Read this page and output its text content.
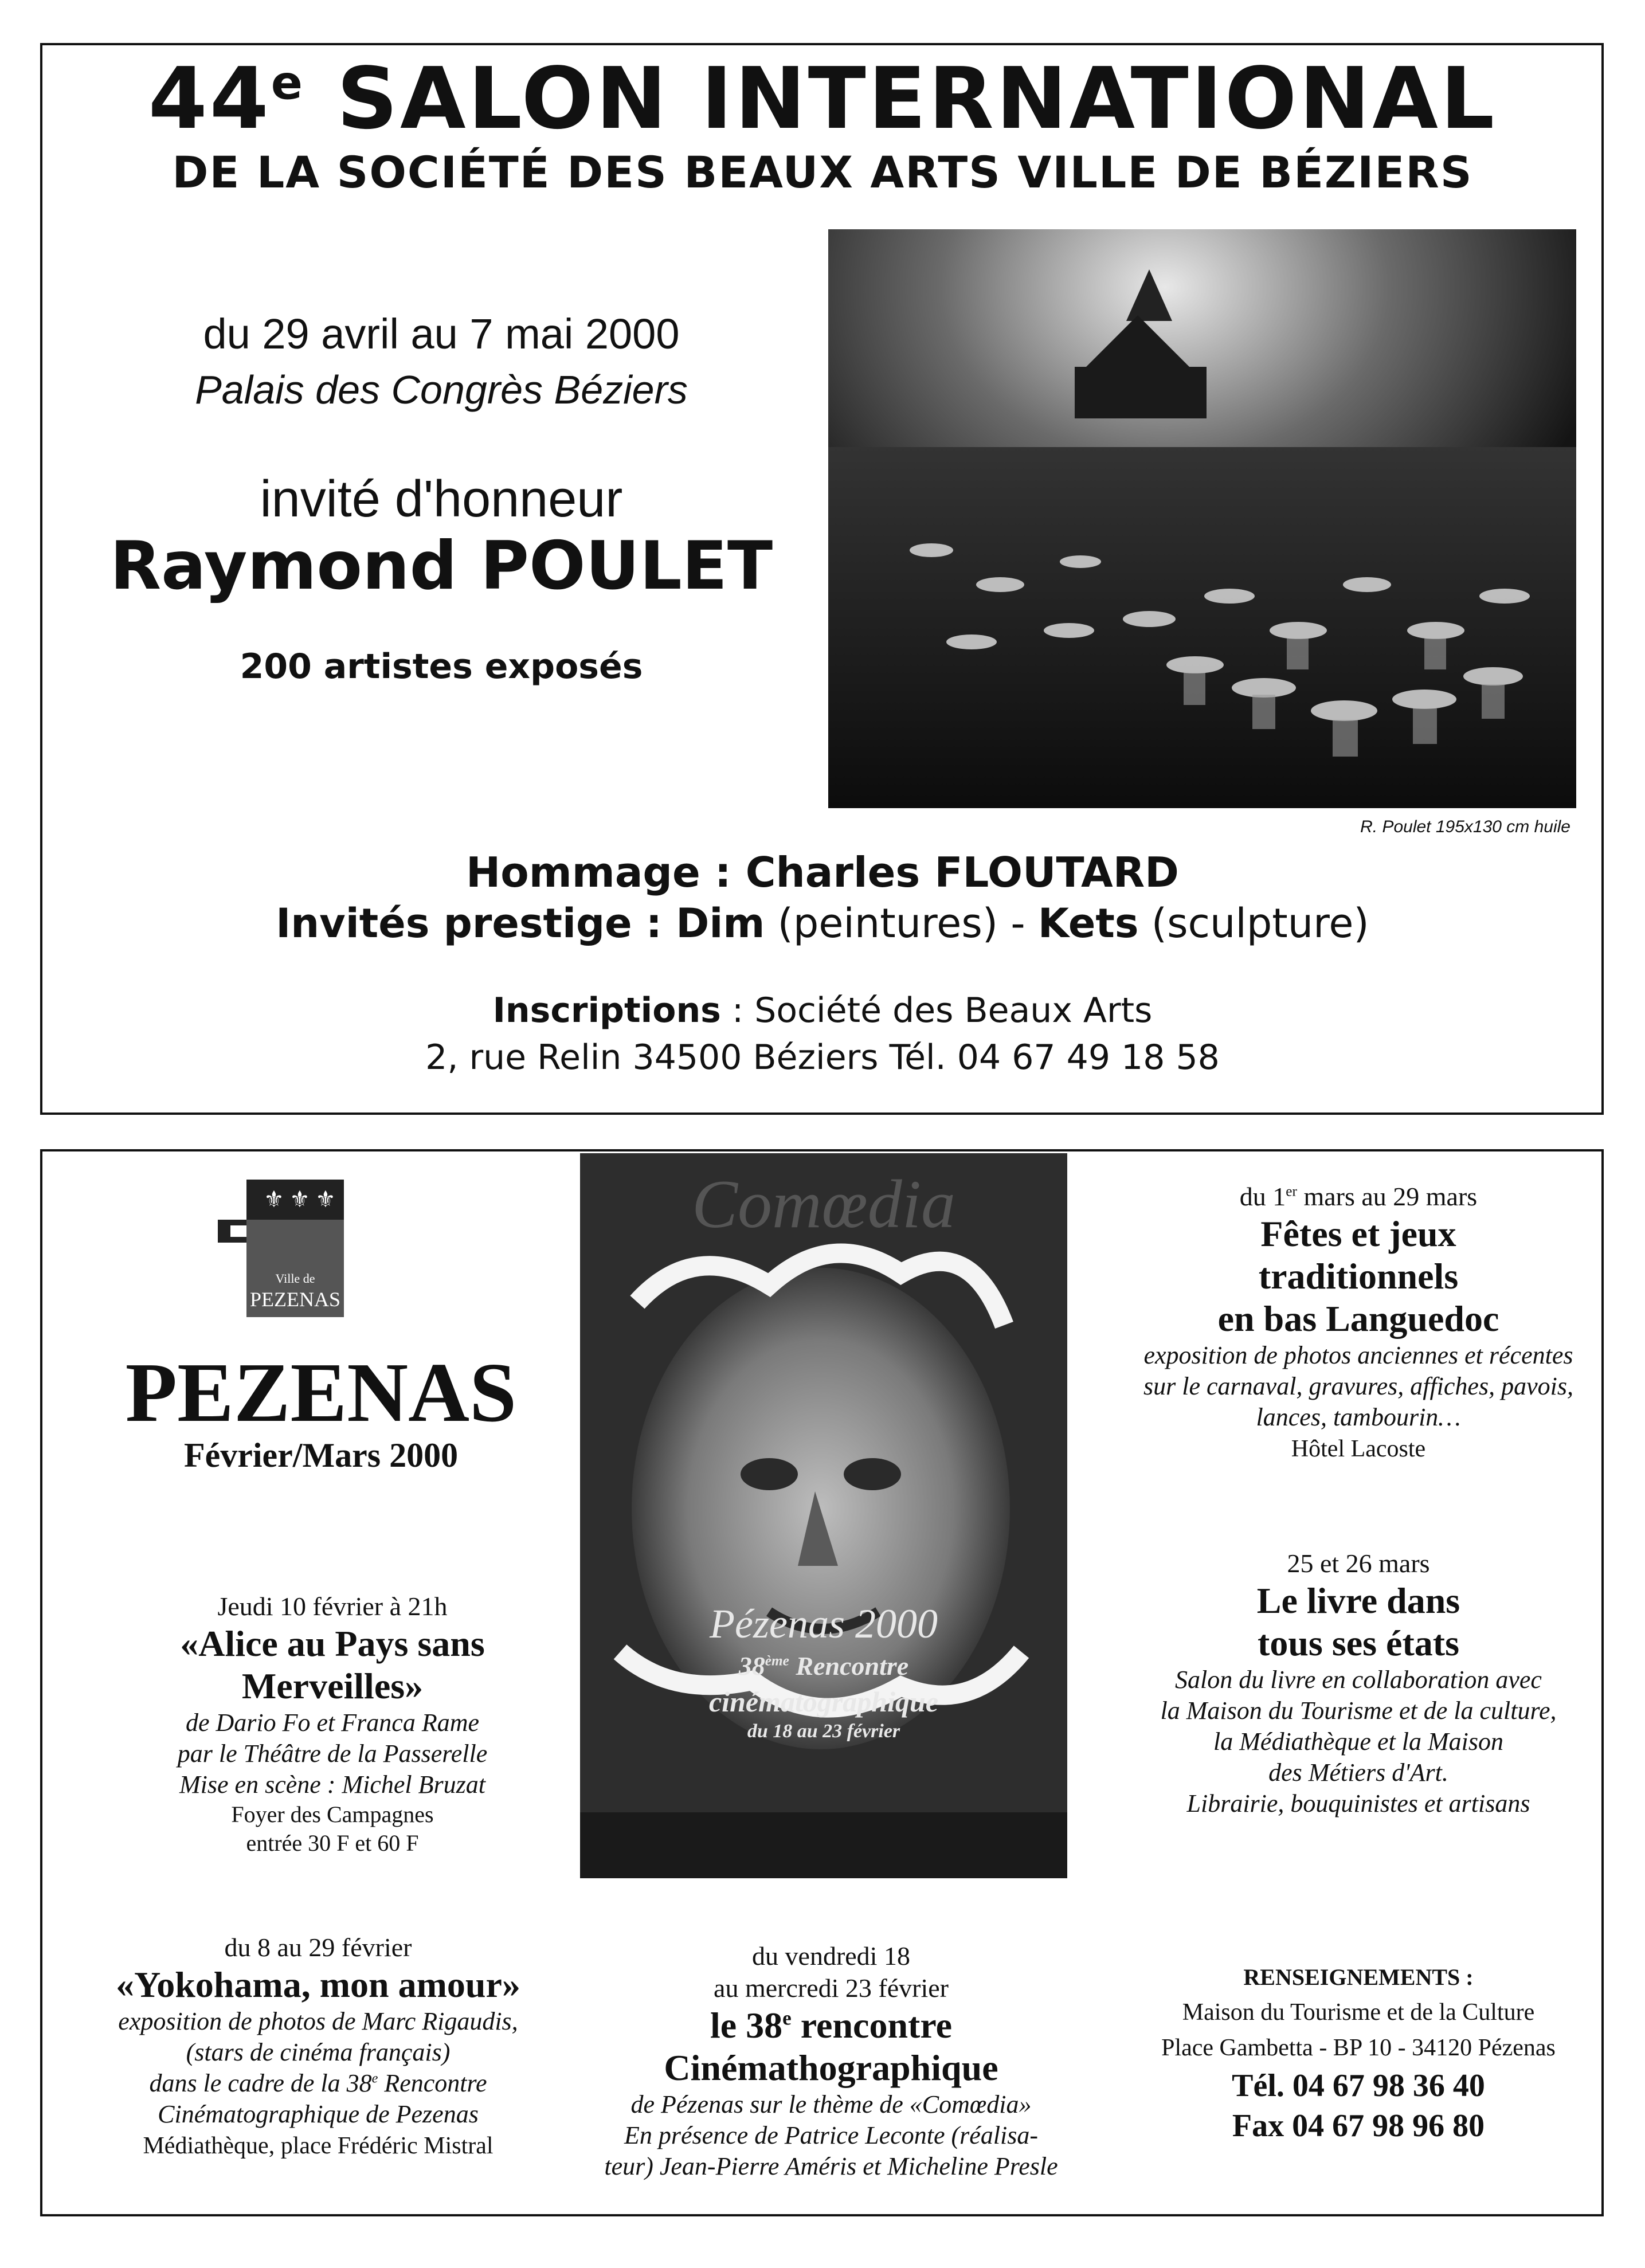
44e SALON INTERNATIONAL
DE LA SOCIÉTÉ DES BEAUX ARTS VILLE DE BÉZIERS
du 29 avril au 7 mai 2000
Palais des Congrès Béziers
invité d'honneur
Raymond POULET
200 artistes exposés
R. Poulet 195x130 cm huile
Hommage : Charles FLOUTARD
Invités prestige : Dim (peintures) - Kets (sculpture)
Inscriptions : Société des Beaux Arts
2, rue Relin 34500 Béziers Tél. 04 67 49 18 58
⚜ ⚜ ⚜
Ville de
PEZENAS
PEZENAS
Février/Mars 2000
Comœdia
Pézenas 2000
38ème Rencontre
cinématographique
du 18 au 23 février
du 1er mars au 29 mars
Fêtes et jeux
traditionnels
en bas Languedoc
exposition de photos anciennes et récentes
sur le carnaval, gravures, affiches, pavois,
lances, tambourin…
Hôtel Lacoste
25 et 26 mars
Le livre dans
tous ses états
Salon du livre en collaboration avec
la Maison du Tourisme et de la culture,
la Médiathèque et la Maison
des Métiers d'Art.
Librairie, bouquinistes et artisans
Jeudi 10 février à 21h
«Alice au Pays sans
Merveilles»
de Dario Fo et Franca Rame
par le Théâtre de la Passerelle
Mise en scène : Michel Bruzat
Foyer des Campagnes
entrée 30 F et 60 F
du 8 au 29 février
«Yokohama, mon amour»
exposition de photos de Marc Rigaudis,
(stars de cinéma français)
dans le cadre de la 38e Rencontre
Cinématographique de Pezenas
Médiathèque, place Frédéric Mistral
du vendredi 18
au mercredi 23 février
le 38e rencontre
Cinémathographique
de Pézenas sur le thème de «Comœdia»
En présence de Patrice Leconte (réalisa-
teur) Jean-Pierre Améris et Micheline Presle
RENSEIGNEMENTS :
Maison du Tourisme et de la Culture
Place Gambetta - BP 10 - 34120 Pézenas
Tél. 04 67 98 36 40
Fax 04 67 98 96 80
